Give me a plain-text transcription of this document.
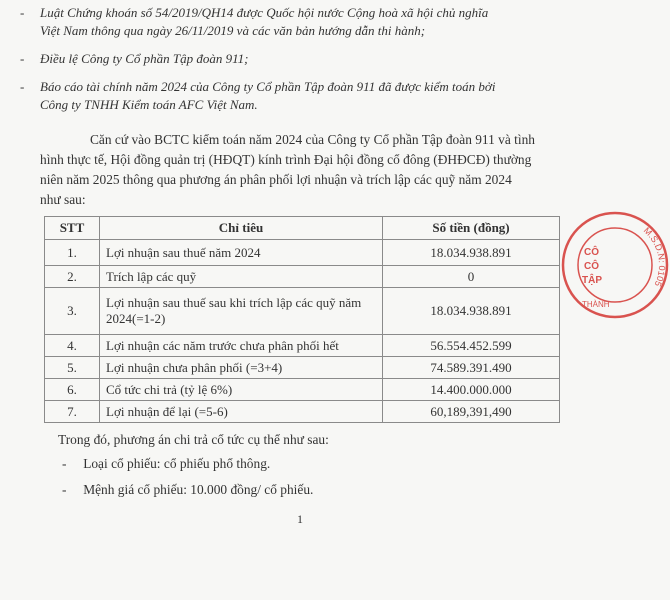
- Luật Chứng khoán số 54/2019/QH14 được Quốc hội nước Cộng hoà xã hội chủ nghĩa
Việt Nam thông qua ngày 26/11/2019 và các văn bản hướng dẫn thi hành;
- Điều lệ Công ty Cổ phần Tập đoàn 911;
- Báo cáo tài chính năm 2024 của Công ty Cổ phần Tập đoàn 911 đã được kiểm toán bởi
Công ty TNHH Kiểm toán AFC Việt Nam.
Căn cứ vào BCTC kiểm toán năm 2024 của Công ty Cổ phần Tập đoàn 911 và tình
hình thực tế, Hội đồng quản trị (HĐQT) kính trình Đại hội đồng cổ đông (ĐHĐCĐ) thường
niên năm 2025 thông qua phương án phân phối lợi nhuận và trích lập các quỹ năm 2024
như sau:
STT	Chỉ tiêu	Số tiền (đồng)
1.	Lợi nhuận sau thuế năm 2024	18.034.938.891
2.	Trích lập các quỹ	0
3.	Lợi nhuận sau thuế sau khi trích lập các quỹ năm 2024(=1-2)	18.034.938.891
4.	Lợi nhuận các năm trước chưa phân phối hết	56.554.452.599
5.	Lợi nhuận chưa phân phối (=3+4)	74.589.391.490
6.	Cổ tức chi trả (tỷ lệ 6%)	14.400.000.000
7.	Lợi nhuận để lại (=5-6)	60,189,391,490
Trong đó, phương án chi trả cổ tức cụ thể như sau:
- Loại cổ phiếu: cổ phiếu phổ thông.
- Mệnh giá cổ phiếu: 10.000 đồng/ cổ phiếu.
1
M.S.D.N: 0105
THÀNH
CÔ
CÔ
TẬP
